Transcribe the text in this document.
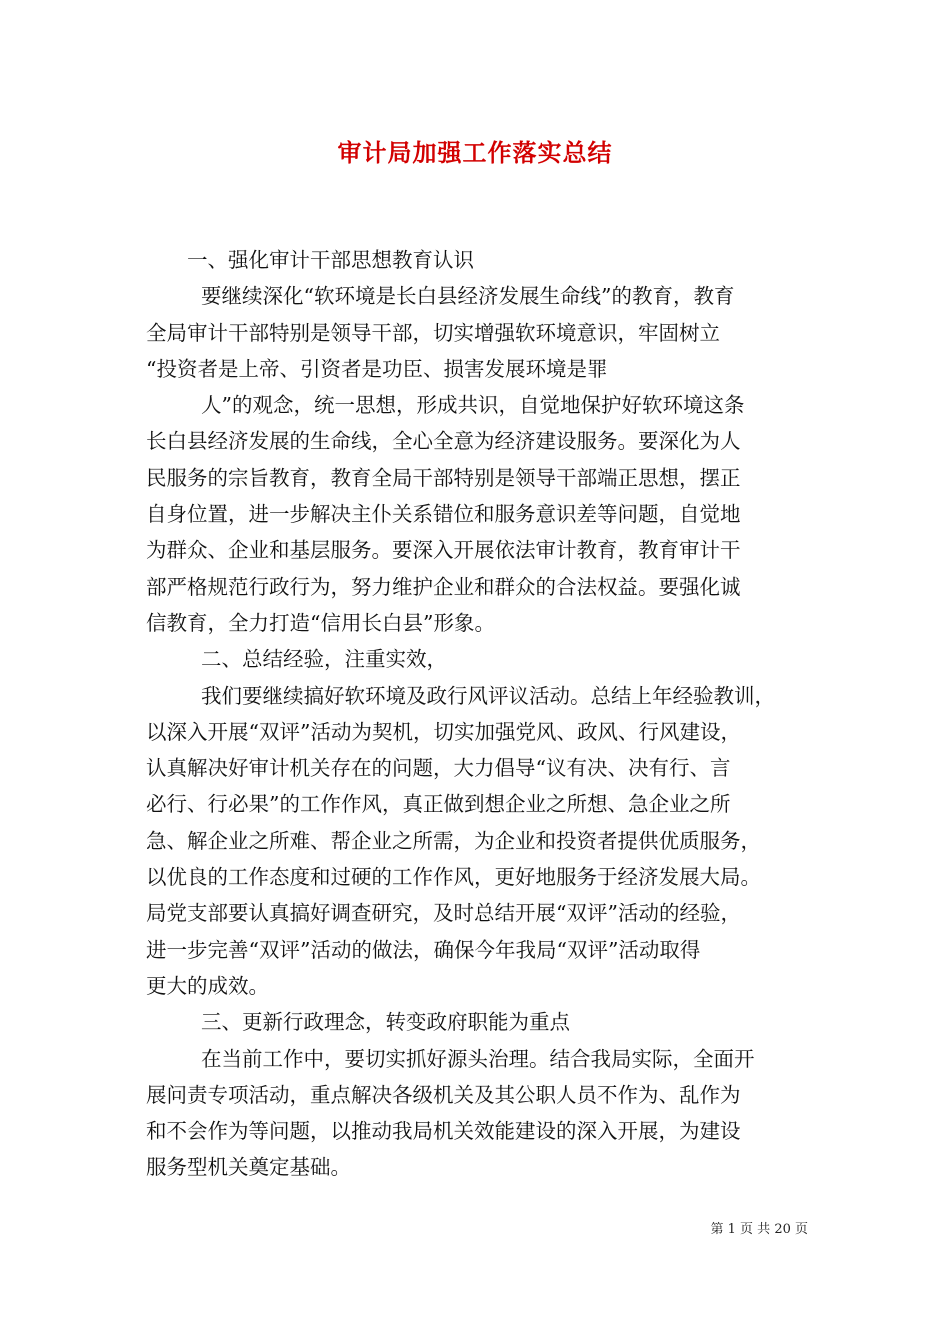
审计局加强工作落实总结
一、强化审计干部思想教育认识
要继续深化“软环境是长白县经济发展生命线”的教育，教育
全局审计干部特别是领导干部，切实增强软环境意识，牢固树立
“投资者是上帝、引资者是功臣、损害发展环境是罪
人”的观念，统一思想，形成共识，自觉地保护好软环境这条
长白县经济发展的生命线，全心全意为经济建设服务。要深化为人
民服务的宗旨教育，教育全局干部特别是领导干部端正思想，摆正
自身位置，进一步解决主仆关系错位和服务意识差等问题，自觉地
为群众、企业和基层服务。要深入开展依法审计教育，教育审计干
部严格规范行政行为，努力维护企业和群众的合法权益。要强化诚
信教育，全力打造“信用长白县”形象。
二、总结经验，注重实效，
我们要继续搞好软环境及政行风评议活动。总结上年经验教训，
以深入开展“双评”活动为契机，切实加强党风、政风、行风建设，
认真解决好审计机关存在的问题，大力倡导“议有决、决有行、言
必行、行必果”的工作作风，真正做到想企业之所想、急企业之所
急、解企业之所难、帮企业之所需，为企业和投资者提供优质服务，
以优良的工作态度和过硬的工作作风，更好地服务于经济发展大局。
局党支部要认真搞好调查研究，及时总结开展“双评”活动的经验，
进一步完善“双评”活动的做法，确保今年我局“双评”活动取得
更大的成效。
三、更新行政理念，转变政府职能为重点
在当前工作中，要切实抓好源头治理。结合我局实际，全面开
展问责专项活动，重点解决各级机关及其公职人员不作为、乱作为
和不会作为等问题，以推动我局机关效能建设的深入开展，为建设
服务型机关奠定基础。
第 1 页 共 20 页
